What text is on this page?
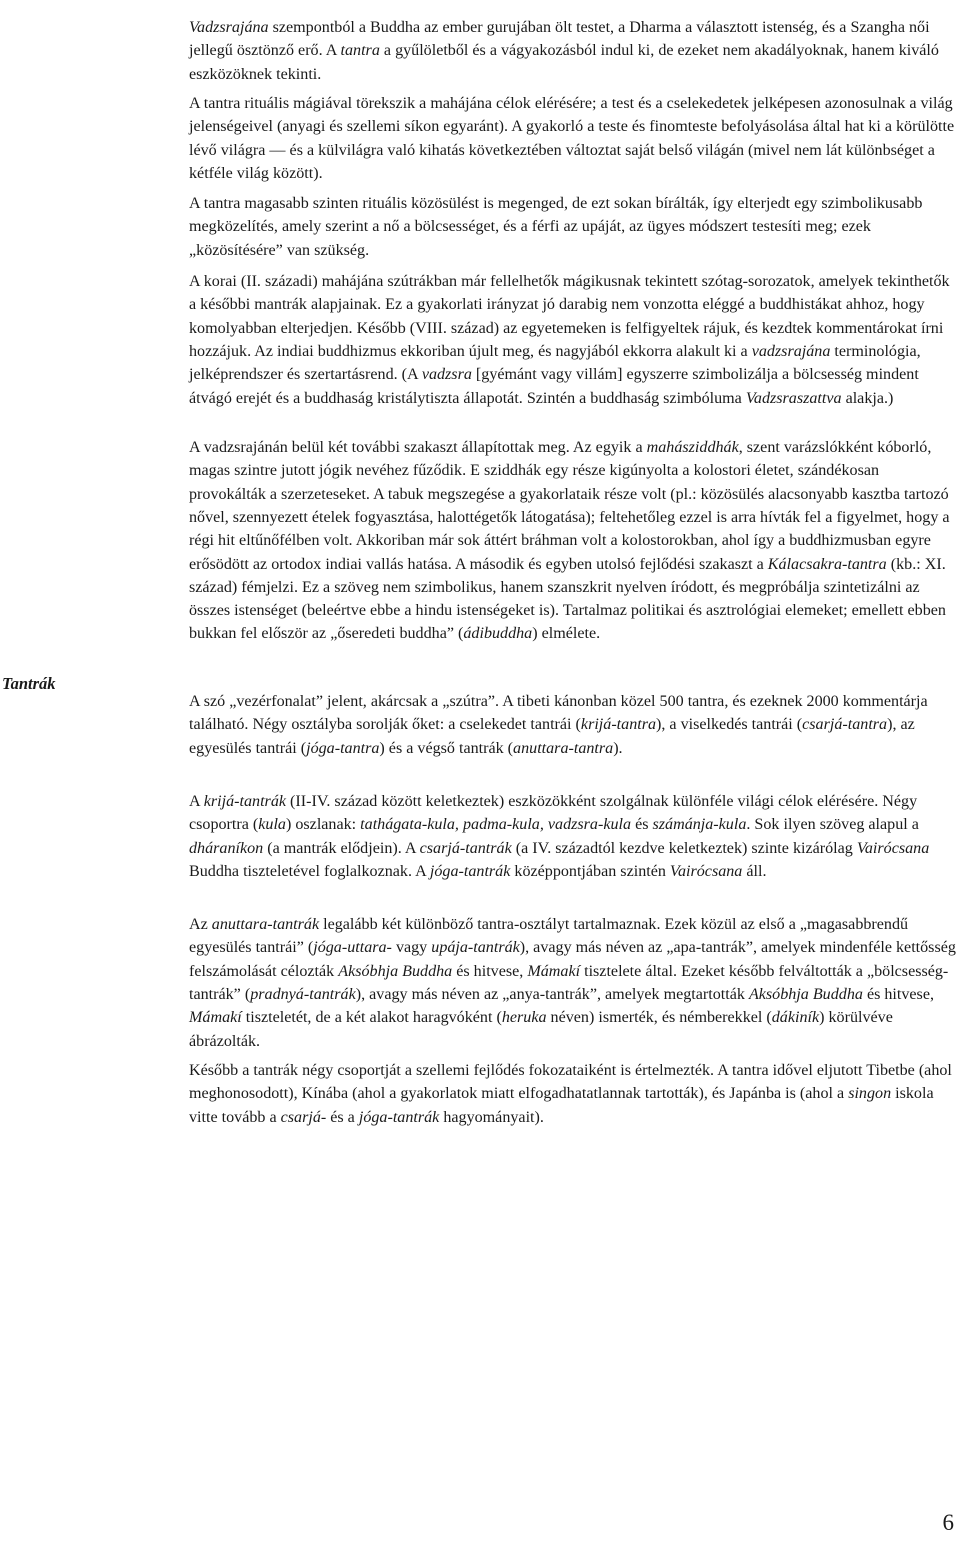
Tantrák

Vadzsrajána szempontból a Buddha az ember gurujában ölt testet, a Dharma a választott istenség, és a Szangha női jellegű ösztönző erő. A tantra a gyűlöletből és a vágyakozásból indul ki, de ezeket nem akadályoknak, hanem kiváló eszközöknek tekinti.

A tantra rituális mágiával törekszik a mahájána célok elérésére; a test és a cselekedetek jelképesen azonosulnak a világ jelenségeivel (anyagi és szellemi síkon egyaránt). A gyakorló a teste és finomteste befolyásolása által hat ki a körülötte lévő világra — és a külvilágra való kihatás következtében változtat saját belső világán (mivel nem lát különbséget a kétféle világ között).

A tantra magasabb szinten rituális közösülést is megenged, de ezt sokan bírálták, így elterjedt egy szimbolikusabb megközelítés, amely szerint a nő a bölcsességet, és a férfi az upáját, az ügyes módszert testesíti meg; ezek „közösítésére” van szükség.

A korai (II. századi) mahájána szútrákban már fellelhetők mágikusnak tekintett szótag-sorozatok, amelyek tekinthetők a későbbi mantrák alapjainak. Ez a gyakorlati irányzat jó darabig nem vonzotta eléggé a buddhistákat ahhoz, hogy komolyabban elterjedjen. Később (VIII. század) az egyetemeken is felfigyeltek rájuk, és kezdtek kommentárokat írni hozzájuk. Az indiai buddhizmus ekkoriban újult meg, és nagyjából ekkorra alakult ki a vadzsrajána terminológia, jelképrendszer és szertartásrend. (A vadzsra [gyémánt vagy villám] egyszerre szimbolizálja a bölcsesség mindent átvágó erejét és a buddhaság kristálytiszta állapotát. Szintén a buddhaság szimbóluma Vadzsraszattva alakja.)

A vadzsrajánán belül két további szakaszt állapítottak meg. Az egyik a mahásziddhák, szent varázslókként kóborló, magas szintre jutott jógik nevéhez fűződik. E sziddhák egy része kigúnyolta a kolostori életet, szándékosan provokálták a szerzeteseket. A tabuk megszegése a gyakorlataik része volt (pl.: közösülés alacsonyabb kasztba tartozó nővel, szennyezett ételek fogyasztása, halottégetők látogatása); feltehetőleg ezzel is arra hívták fel a figyelmet, hogy a régi hit eltűnőfélben volt. Akkoriban már sok áttért bráhman volt a kolostorokban, ahol így a buddhizmusban egyre erősödött az ortodox indiai vallás hatása. A második és egyben utolsó fejlődési szakaszt a Kálacsakra-tantra (kb.: XI. század) fémjelzi. Ez a szöveg nem szimbolikus, hanem szanszkrit nyelven íródott, és megpróbálja szintetizálni az összes istenséget (beleértve ebbe a hindu istenségeket is). Tartalmaz politikai és asztrológiai elemeket; emellett ebben bukkan fel először az „őseredeti buddha” (ádibuddha) elmélete.

A szó „vezérfonalat” jelent, akárcsak a „szútra”. A tibeti kánonban közel 500 tantra, és ezeknek 2000 kommentárja található. Négy osztályba sorolják őket: a cselekedet tantrái (krijá-tantra), a viselkedés tantrái (csarjá-tantra), az egyesülés tantrái (jóga-tantra) és a végső tantrák (anuttara-tantra).

A krijá-tantrák (II-IV. század között keletkeztek) eszközökként szolgálnak különféle világi célok elérésére. Négy csoportra (kula) oszlanak: tathágata-kula, padma-kula, vadzsra-kula és számánja-kula. Sok ilyen szöveg alapul a dháraníkon (a mantrák elődjein). A csarjá-tantrák (a IV. századtól kezdve keletkeztek) szinte kizárólag Vairócsana Buddha tiszteletével foglalkoznak. A jóga-tantrák középpontjában szintén Vairócsana áll.

Az anuttara-tantrák legalább két különböző tantra-osztályt tartalmaznak. Ezek közül az első a „magasabbrendű egyesülés tantrái” (jóga-uttara- vagy upája-tantrák), avagy más néven az „apa-tantrák”, amelyek mindenféle kettősség felszámolását célozták Aksóbhja Buddha és hitvese, Mámakí tisztelete által. Ezeket később felváltották a „bölcsesség-tantrák” (pradnyá-tantrák), avagy más néven az „anya-tantrák”, amelyek megtartották Aksóbhja Buddha és hitvese, Mámakí tiszteletét, de a két alakot haragvóként (heruka néven) ismerték, és némberekkel (dákiník) körülvéve ábrázolták.

Később a tantrák négy csoportját a szellemi fejlődés fokozataiként is értelmezték. A tantra idővel eljutott Tibetbe (ahol meghonosodott), Kínába (ahol a gyakorlatok miatt elfogadhatatlannak tartották), és Japánba is (ahol a singon iskola vitte tovább a csarjá- és a jóga-tantrák hagyományait).

6
